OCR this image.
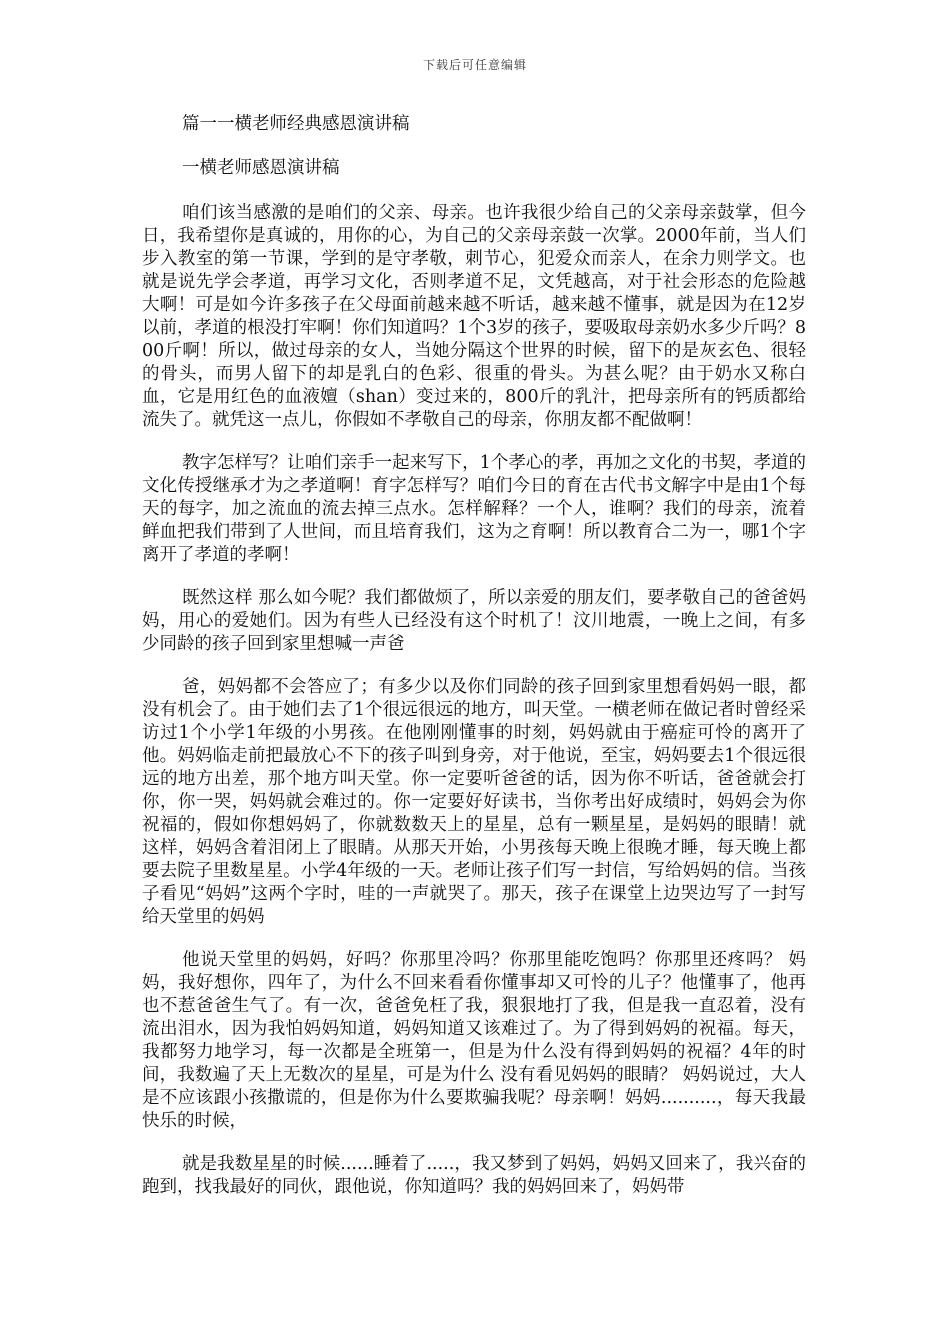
下载后可任意编辑
篇一一横老师经典感恩演讲稿
一横老师感恩演讲稿

咱们该当感激的是咱们的父亲、母亲。也许我很少给自己的父亲母亲鼓掌，但今日，我希望你是真诚的，用你的心，为自己的父亲母亲鼓一次掌。2000年前，当人们步入教室的第一节课，学到的是守孝敬，刺节心，犯爱众而亲人，在余力则学文。也就是说先学会孝道，再学习文化，否则孝道不足，文凭越高，对于社会形态的危险越大啊！可是如今许多孩子在父母面前越来越不听话，越来越不懂事，就是因为在12岁以前，孝道的根没打牢啊！你们知道吗？1个3岁的孩子，要吸取母亲奶水多少斤吗？800斤啊！所以，做过母亲的女人，当她分隔这个世界的时候，留下的是灰玄色、很轻的骨头，而男人留下的却是乳白的色彩、很重的骨头。为甚么呢？由于奶水又称白血，它是用红色的血液嬗（shan）变过来的，800斤的乳汁，把母亲所有的钙质都给流失了。就凭这一点儿，你假如不孝敬自己的母亲，你朋友都不配做啊！

教字怎样写？让咱们亲手一起来写下，1个孝心的孝，再加之文化的书契，孝道的文化传授继承才为之孝道啊！育字怎样写？咱们今日的育在古代书文解字中是由1个每天的每字，加之流血的流去掉三点水。怎样解释？一个人，谁啊？我们的母亲，流着鲜血把我们带到了人世间，而且培育我们，这为之育啊！所以教育合二为一，哪1个字离开了孝道的孝啊！

既然这样 那么如今呢？我们都做烦了，所以亲爱的朋友们，要孝敬自己的爸爸妈妈，用心的爱她们。因为有些人已经没有这个时机了！汶川地震，一晚上之间，有多少同龄的孩子回到家里想喊一声爸

爸，妈妈都不会答应了；有多少以及你们同龄的孩子回到家里想看妈妈一眼，都没有机会了。由于她们去了1个很远很远的地方，叫天堂。一横老师在做记者时曾经采访过1个小学1年级的小男孩。在他刚刚懂事的时刻，妈妈就由于癌症可怜的离开了他。妈妈临走前把最放心不下的孩子叫到身旁，对于他说，至宝，妈妈要去1个很远很远的地方出差，那个地方叫天堂。你一定要听爸爸的话，因为你不听话，爸爸就会打你，你一哭，妈妈就会难过的。你一定要好好读书，当你考出好成绩时，妈妈会为你祝福的，假如你想妈妈了，你就数数天上的星星，总有一颗星星，是妈妈的眼睛！就这样，妈妈含着泪闭上了眼睛。从那天开始，小男孩每天晚上很晚才睡，每天晚上都要去院子里数星星。小学4年级的一天。老师让孩子们写一封信，写给妈妈的信。当孩子看见“妈妈”这两个字时，哇的一声就哭了。那天，孩子在课堂上边哭边写了一封写给天堂里的妈妈

他说天堂里的妈妈，好吗？你那里冷吗？你那里能吃饱吗？你那里还疼吗？ 妈妈，我好想你，四年了，为什么不回来看看你懂事却又可怜的儿子？他懂事了，他再也不惹爸爸生气了。有一次，爸爸免枉了我，狠狠地打了我，但是我一直忍着，没有流出泪水，因为我怕妈妈知道，妈妈知道又该难过了。为了得到妈妈的祝福。每天，我都努力地学习，每一次都是全班第一，但是为什么没有得到妈妈的祝福？4年的时间，我数遍了天上无数次的星星，可是为什么 没有看见妈妈的眼睛？ 妈妈说过，大人是不应该跟小孩撒谎的，但是你为什么要欺骗我呢？母亲啊！妈妈..........，每天我最快乐的时候，

就是我数星星的时候......睡着了.....，我又梦到了妈妈，妈妈又回来了，我兴奋的跑到，找我最好的同伙，跟他说，你知道吗？我的妈妈回来了，妈妈带
